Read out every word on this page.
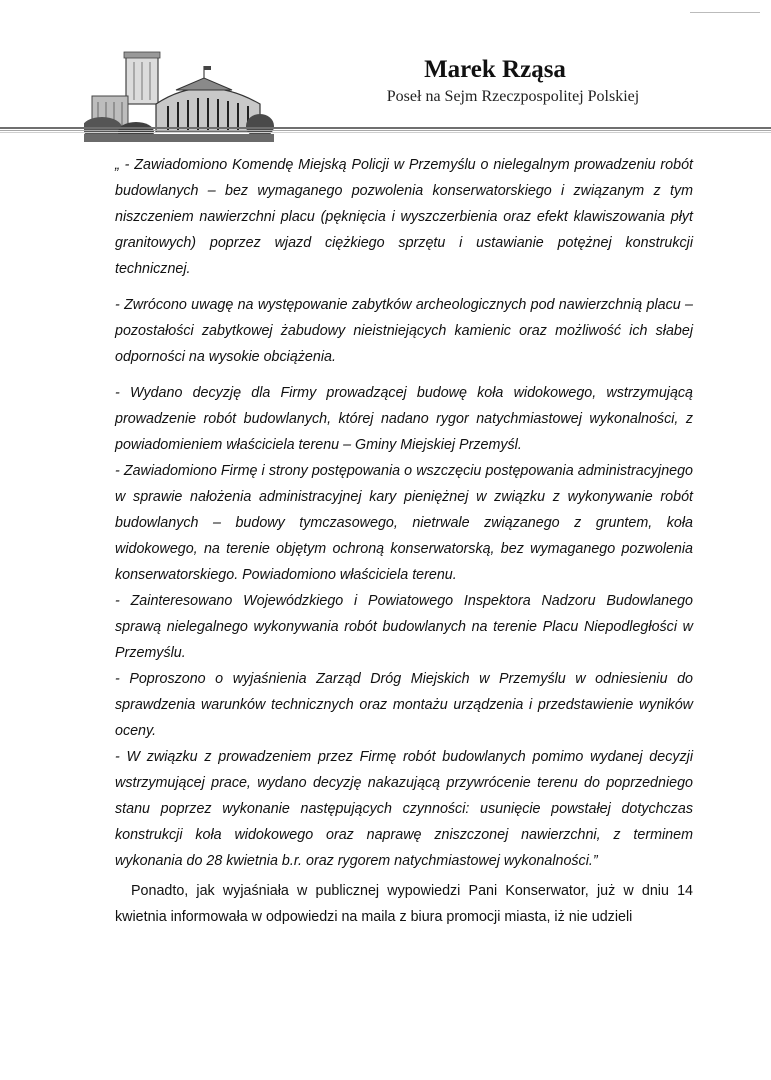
Marek Rząsa
Poseł na Sejm Rzeczpospolitej Polskiej

„ - Zawiadomiono Komendę Miejską Policji w Przemyślu o nielegalnym prowadzeniu robót budowlanych – bez wymaganego pozwolenia konserwatorskiego i związanym z tym niszczeniem nawierzchni placu (pęknięcia i wyszczerbienia oraz efekt klawiszowania płyt granitowych) poprzez wjazd ciężkiego sprzętu i ustawianie potężnej konstrukcji technicznej.

- Zwrócono uwagę na występowanie zabytków archeologicznych pod nawierzchnią placu – pozostałości zabytkowej żabudowy nieistniejących kamienic oraz możliwość ich słabej odporności na wysokie obciążenia.

- Wydano decyzję dla Firmy prowadzącej budowę koła widokowego, wstrzymującą prowadzenie robót budowlanych, której nadano rygor natychmiastowej wykonalności, z powiadomieniem właściciela terenu – Gminy Miejskiej Przemyśl.

- Zawiadomiono Firmę i strony postępowania o wszczęciu postępowania administracyjnego w sprawie nałożenia administracyjnej kary pieniężnej w związku z wykonywanie robót budowlanych – budowy tymczasowego, nietrwale związanego z gruntem, koła widokowego, na terenie objętym ochroną konserwatorską, bez wymaganego pozwolenia konserwatorskiego. Powiadomiono właściciela terenu.

- Zainteresowano Wojewódzkiego i Powiatowego Inspektora Nadzoru Budowlanego sprawą nielegalnego wykonywania robót budowlanych na terenie Placu Niepodległości w Przemyślu.

- Poproszono o wyjaśnienia Zarząd Dróg Miejskich w Przemyślu w odniesieniu do sprawdzenia warunków technicznych oraz montażu urządzenia i przedstawienie wyników oceny.

- W związku z prowadzeniem przez Firmę robót budowlanych pomimo wydanej decyzji wstrzymującej prace, wydano decyzję nakazującą przywrócenie terenu do poprzedniego stanu poprzez wykonanie następujących czynności: usunięcie powstałej dotychczas konstrukcji koła widokowego oraz naprawę zniszczonej nawierzchni, z terminem wykonania do 28 kwietnia b.r. oraz rygorem natychmiastowej wykonalności.”

Ponadto, jak wyjaśniała w publicznej wypowiedzi Pani Konserwator, już w dniu 14 kwietnia informowała w odpowiedzi na maila z biura promocji miasta, iż nie udzieli
